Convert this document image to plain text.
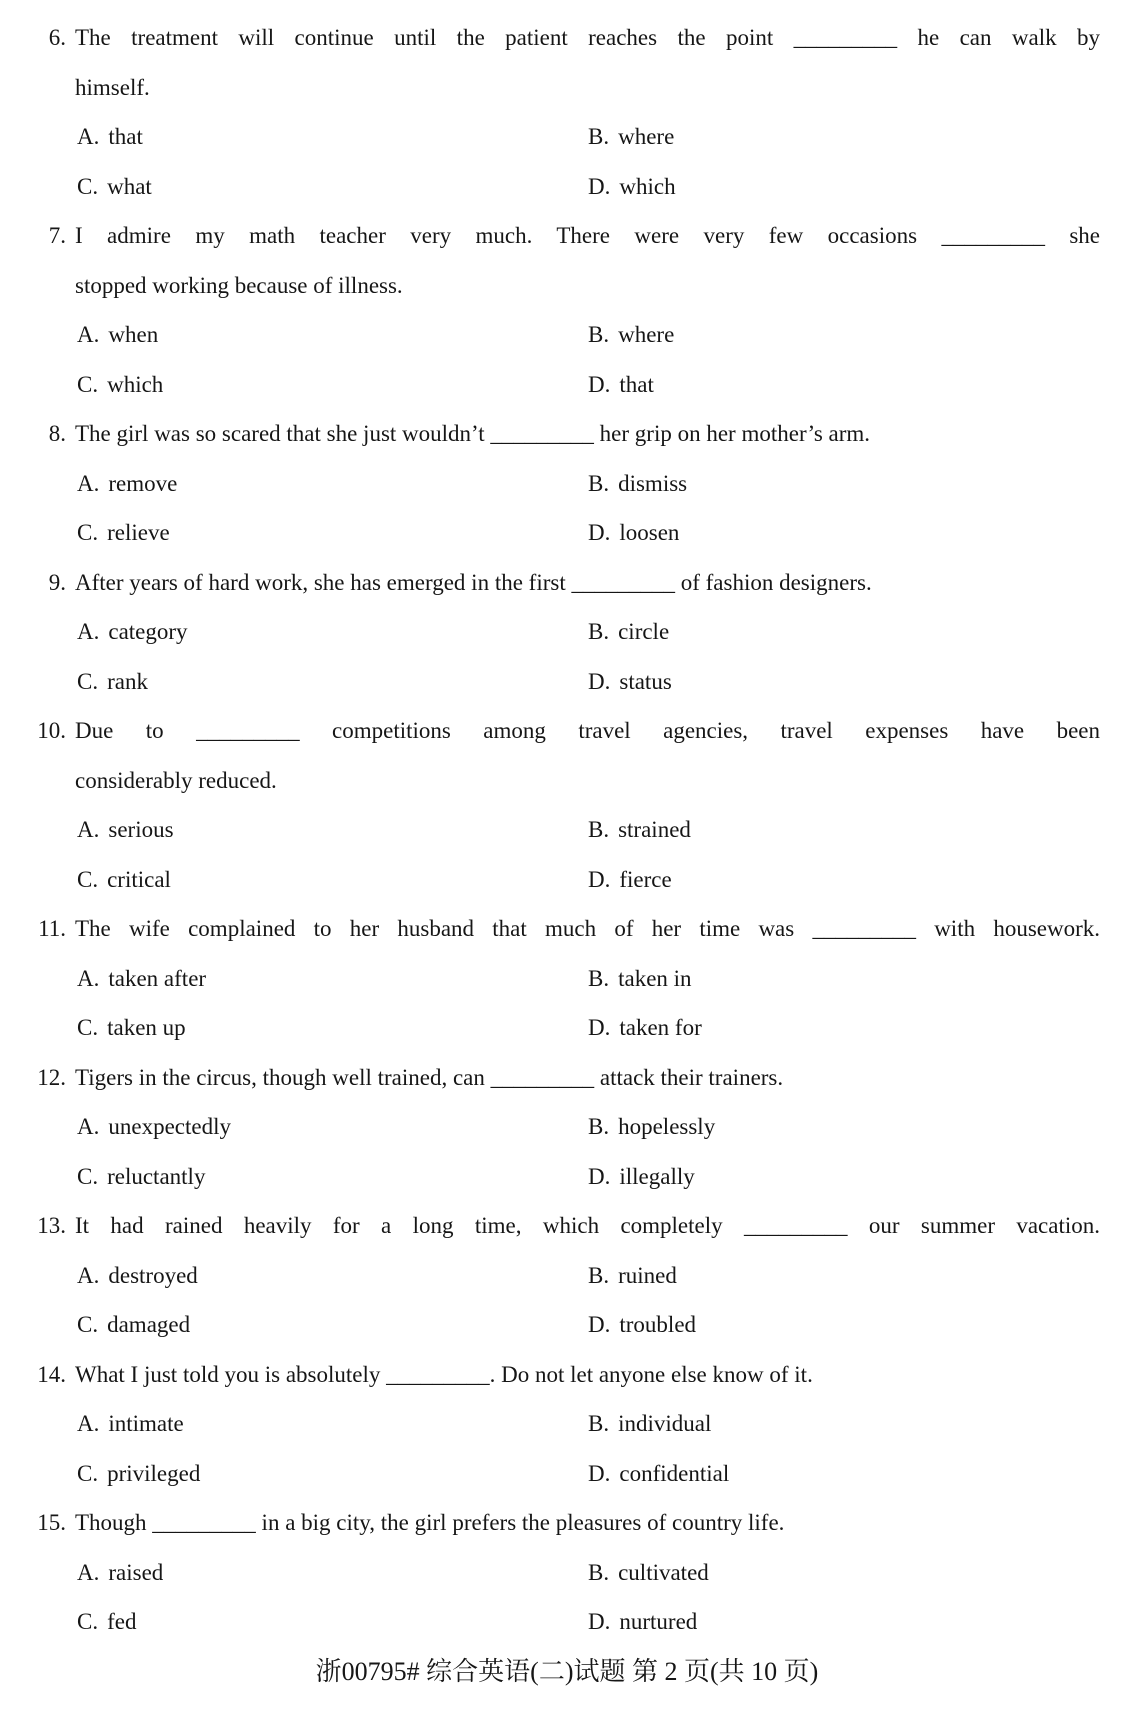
6. The treatment will continue until the patient reaches the point _________ he can walk by
himself.
A. that	B. where
C. what	D. which
7. I admire my math teacher very much. There were very few occasions _________ she
stopped working because of illness.
A. when	B. where
C. which	D. that
8. The girl was so scared that she just wouldn’t _________ her grip on her mother’s arm.
A. remove	B. dismiss
C. relieve	D. loosen
9. After years of hard work, she has emerged in the first _________ of fashion designers.
A. category	B. circle
C. rank	D. status
10. Due to _________ competitions among travel agencies, travel expenses have been
considerably reduced.
A. serious	B. strained
C. critical	D. fierce
11. The wife complained to her husband that much of her time was _________ with housework.
A. taken after	B. taken in
C. taken up	D. taken for
12. Tigers in the circus, though well trained, can _________ attack their trainers.
A. unexpectedly	B. hopelessly
C. reluctantly	D. illegally
13. It had rained heavily for a long time, which completely _________ our summer vacation.
A. destroyed	B. ruined
C. damaged	D. troubled
14. What I just told you is absolutely _________. Do not let anyone else know of it.
A. intimate	B. individual
C. privileged	D. confidential
15. Though _________ in a big city, the girl prefers the pleasures of country life.
A. raised	B. cultivated
C. fed	D. nurtured
浙00795# 综合英语(二)试题 第 2 页(共 10 页)
